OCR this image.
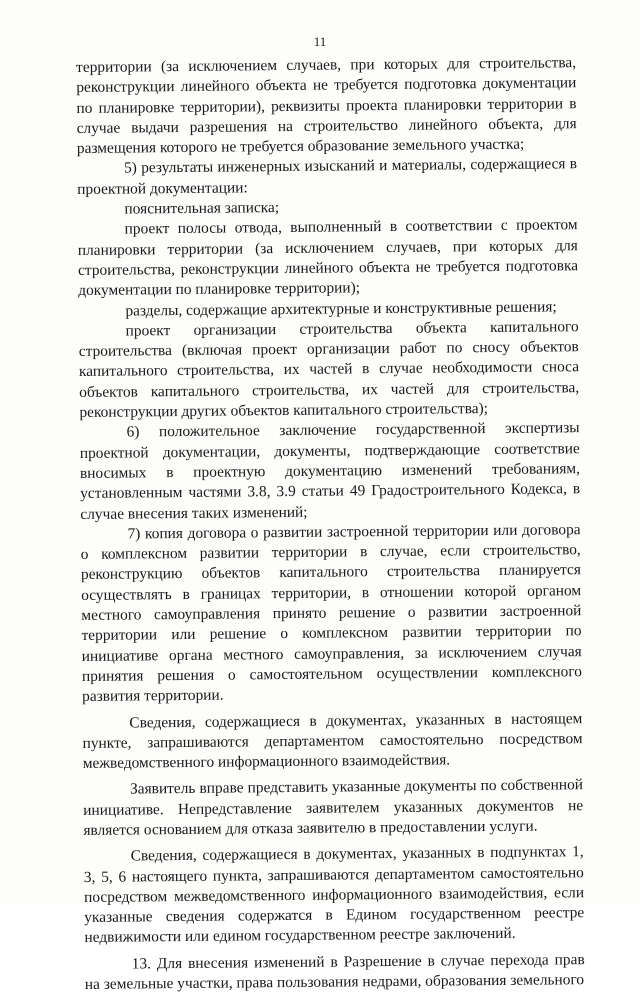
11

территории (за исключением случаев, при которых для строительства, реконструкции линейного объекта не требуется подготовка документации по планировке территории), реквизиты проекта планировки территории в случае выдачи разрешения на строительство линейного объекта, для размещения которого не требуется образование земельного участка;

5) результаты инженерных изысканий и материалы, содержащиеся в проектной документации:

пояснительная записка;

проект полосы отвода, выполненный в соответствии с проектом планировки территории (за исключением случаев, при которых для строительства, реконструкции линейного объекта не требуется подготовка документации по планировке территории);

разделы, содержащие архитектурные и конструктивные решения;

проект организации строительства объекта капитального строительства (включая проект организации работ по сносу объектов капитального строительства, их частей в случае необходимости сноса объектов капитального строительства, их частей для строительства, реконструкции других объектов капитального строительства);

6) положительное заключение государственной экспертизы проектной документации, документы, подтверждающие соответствие вносимых в проектную документацию изменений требованиям, установленным частями 3.8, 3.9 статьи 49 Градостроительного Кодекса, в случае внесения таких изменений;

7) копия договора о развитии застроенной территории или договора о комплексном развитии территории в случае, если строительство, реконструкцию объектов капитального строительства планируется осуществлять в границах территории, в отношении которой органом местного самоуправления принято решение о развитии застроенной территории или решение о комплексном развитии территории по инициативе органа местного самоуправления, за исключением случая принятия решения о самостоятельном осуществлении комплексного развития территории.

Сведения, содержащиеся в документах, указанных в настоящем пункте, запрашиваются департаментом самостоятельно посредством межведомственного информационного взаимодействия.

Заявитель вправе представить указанные документы по собственной инициативе. Непредставление заявителем указанных документов не является основанием для отказа заявителю в предоставлении услуги.

Сведения, содержащиеся в документах, указанных в подпунктах 1, 3, 5, 6 настоящего пункта, запрашиваются департаментом самостоятельно посредством межведомственного информационного взаимодействия, если указанные сведения содержатся в Едином государственном реестре недвижимости или едином государственном реестре заключений.

13. Для внесения изменений в Разрешение в случае перехода прав на земельные участки, права пользования недрами, образования земельного
